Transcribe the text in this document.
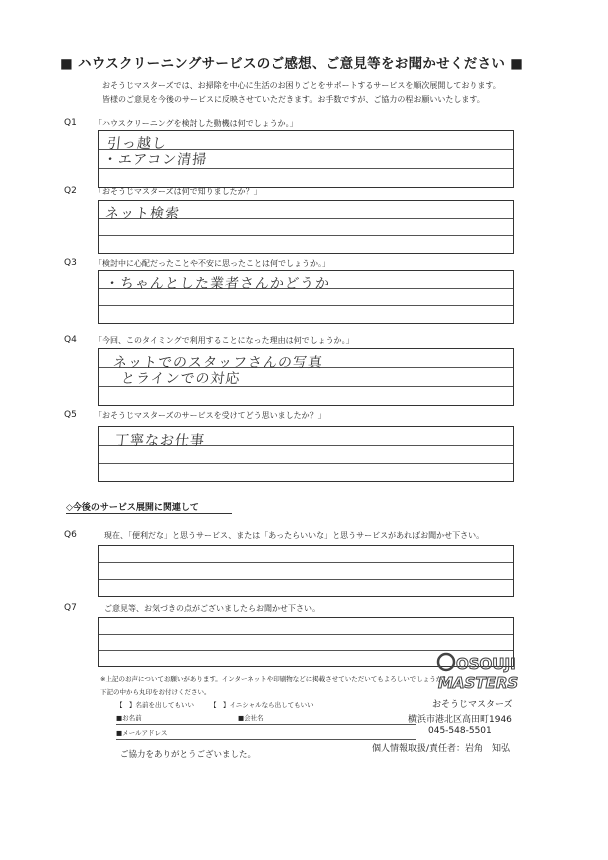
■ ハウスクリーニングサービスのご感想、ご意見等をお聞かせください ■
おそうじマスターズでは、お掃除を中心に生活のお困りごとをサポートするサービスを順次展開しております。
皆様のご意見を今後のサービスに反映させていただきます。お手数ですが、ご協力の程お願いいたします。
Q1 「ハウスクリーニングを検討した動機は何でしょうか。」
引っ越し
・エアコン清掃
Q2 「おそうじマスターズは何で知りましたか？」
ネット検索
Q3 「検討中に心配だったことや不安に思ったことは何でしょうか。」
・ちゃんとした業者さんかどうか
Q4 「今回、このタイミングで利用することになった理由は何でしょうか。」
ネットでのスタッフさんの写真
とラインでの対応
Q5 「おそうじマスターズのサービスを受けてどう思いましたか？」
丁寧なお仕事
◇今後のサービス展開に関連して
Q6	現在、「便利だな」と思うサービス、または「あったらいいな」と思うサービスがあればお聞かせ下さい。
Q7	ご意見等、お気づきの点がございましたらお聞かせ下さい。
※上記のお声についてお願いがあります。インターネットや印刷物などに掲載させていただいてもよろしいでしょうか？
下記の中から丸印をお付けください。
【　】名前を出してもいい 【　】イニシャルなら出してもいい
■お名前	■会社名
■メールアドレス
ご協力をありがとうございました。
OSOUJI
MASTERS
おそうじマスターズ
横浜市港北区高田町1946
045-548-5501
個人情報取扱/責任者：岩角　知弘
